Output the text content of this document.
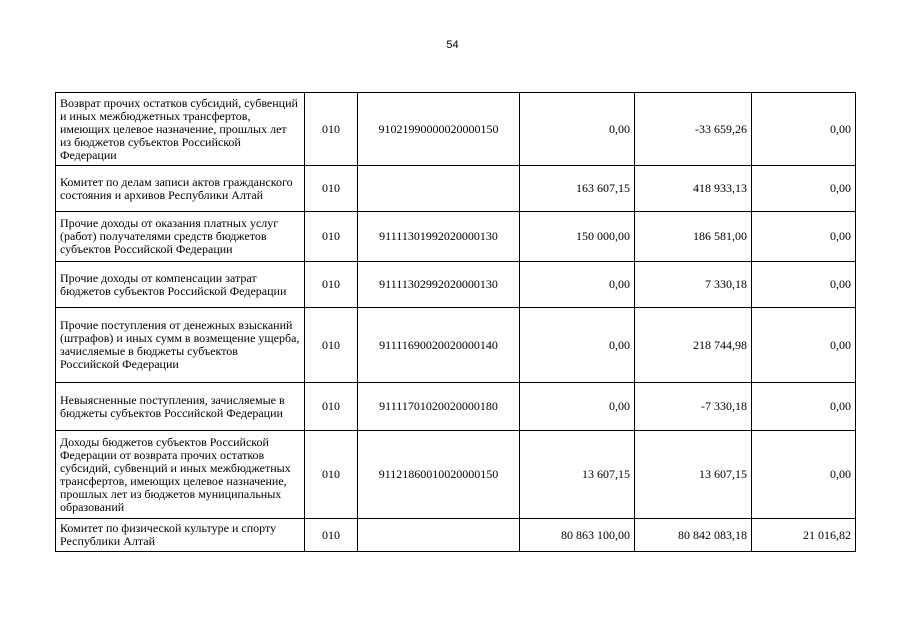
54
Возврат прочих остатков субсидий, субвенций и иных межбюджетных трансфертов, имеющих целевое назначение, прошлых лет из бюджетов субъектов Российской Федерации	010	91021990000020000150	0,00	-33 659,26	0,00
Комитет по делам записи актов гражданского состояния и архивов Республики Алтай	010		163 607,15	418 933,13	0,00
Прочие доходы от оказания платных услуг (работ) получателями средств бюджетов субъектов Российской Федерации	010	91111301992020000130	150 000,00	186 581,00	0,00
Прочие доходы от компенсации затрат бюджетов субъектов Российской Федерации	010	91111302992020000130	0,00	7 330,18	0,00
Прочие поступления от денежных взысканий (штрафов) и иных сумм в возмещение ущерба, зачисляемые в бюджеты субъектов Российской Федерации	010	91111690020020000140	0,00	218 744,98	0,00
Невыясненные поступления, зачисляемые в бюджеты субъектов Российской Федерации	010	91111701020020000180	0,00	-7 330,18	0,00
Доходы бюджетов субъектов Российской Федерации от возврата прочих остатков субсидий, субвенций и иных межбюджетных трансфертов, имеющих целевое назначение, прошлых лет из бюджетов муниципальных образований	010	91121860010020000150	13 607,15	13 607,15	0,00
Комитет по физической культуре и спорту Республики Алтай	010		80 863 100,00	80 842 083,18	21 016,82
